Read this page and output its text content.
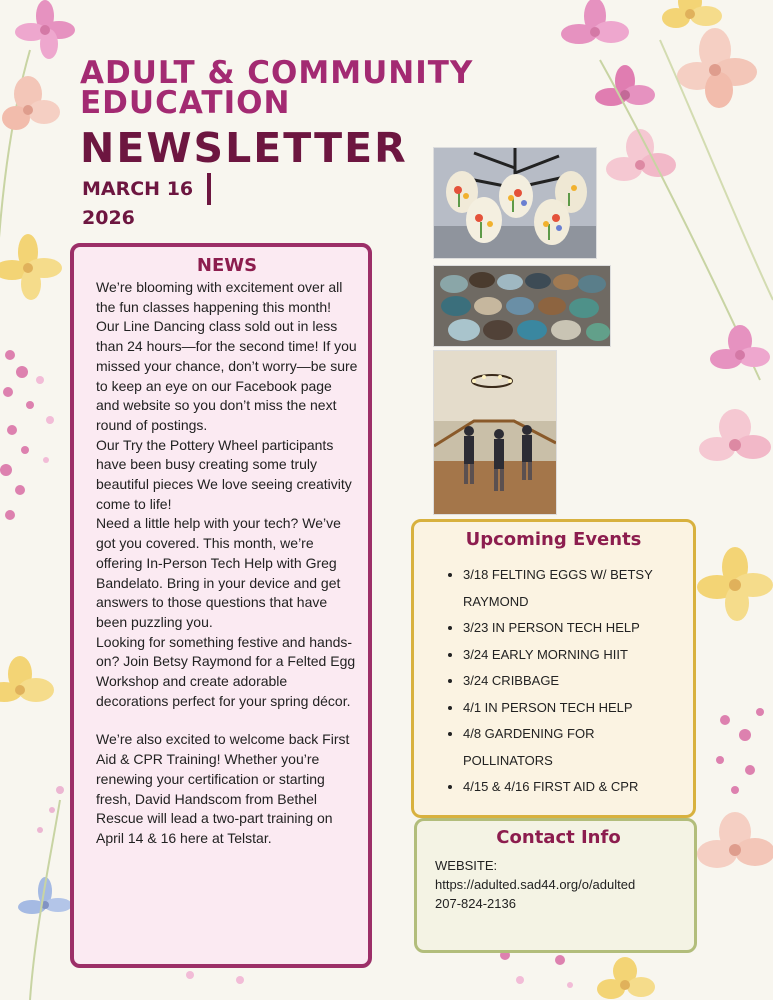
ADULT & COMMUNITY EDUCATION
NEWSLETTER
MARCH 16 2026
NEWS

We’re blooming with excitement over all the fun classes happening this month! Our Line Dancing class sold out in less than 24 hours—for the second time! If you missed your chance, don’t worry—be sure to keep an eye on our Facebook page and website so you don’t miss the next round of postings.

Our Try the Pottery Wheel participants have been busy creating some truly beautiful pieces We love seeing creativity come to life!

Need a little help with your tech? We’ve got you covered. This month, we’re offering In-Person Tech Help with Greg Bandelato. Bring in your device and get answers to those questions that have been puzzling you.

Looking for something festive and hands-on? Join Betsy Raymond for a Felted Egg Workshop and create adorable decorations perfect for your spring décor.

We’re also excited to welcome back First Aid & CPR Training! Whether you’re renewing your certification or starting fresh, David Handscom from Bethel Rescue will lead a two-part training on April 14 & 16 here at Telstar.

Upcoming Events
• 3/18 FELTING EGGS W/ BETSY RAYMOND
• 3/23 IN PERSON TECH HELP
• 3/24 EARLY MORNING HIIT
• 3/24 CRIBBAGE
• 4/1 IN PERSON TECH HELP
• 4/8 GARDENING FOR POLLINATORS
• 4/15 & 4/16 FIRST AID & CPR
Contact Info
WEBSITE:
https://adulted.sad44.org/o/adulted
207-824-2136
